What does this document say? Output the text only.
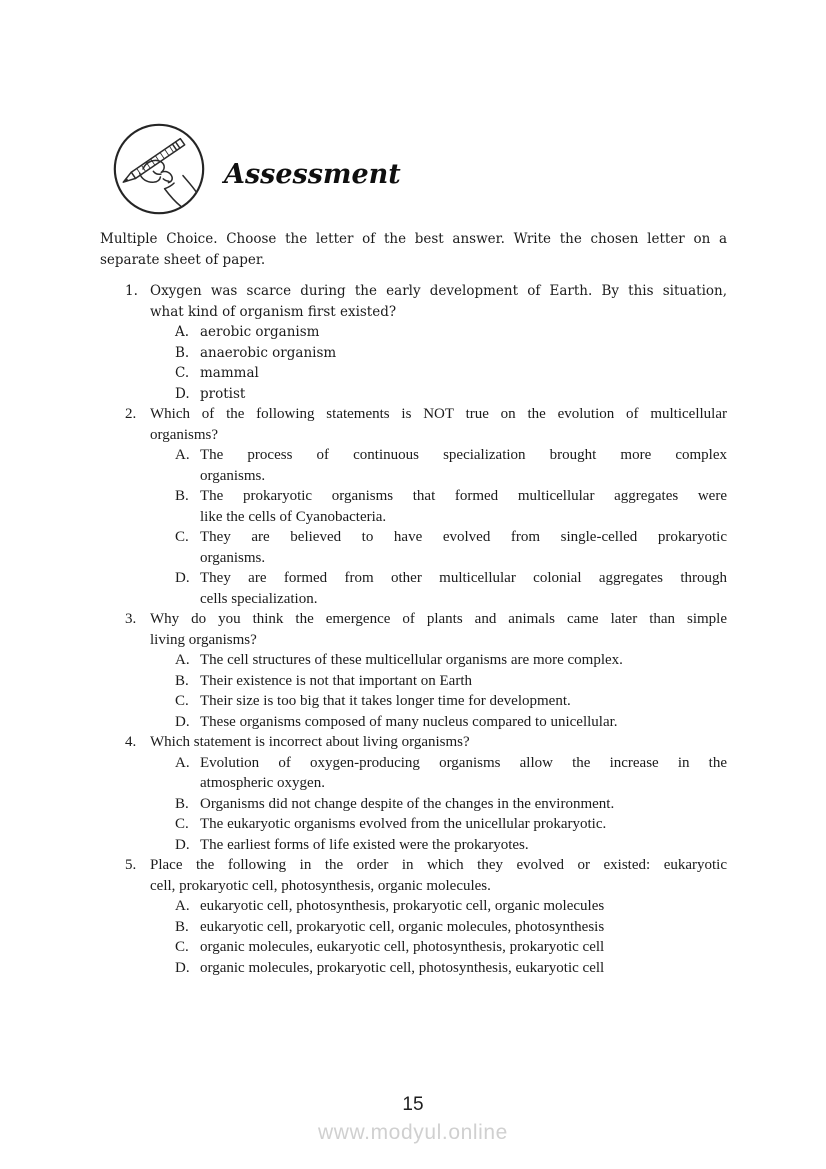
Assessment
Multiple Choice. Choose the letter of the best answer. Write the chosen letter on a
separate sheet of paper.
1. Oxygen was scarce during the early development of Earth. By this situation,
what kind of organism first existed?
A. aerobic organism
B. anaerobic organism
C. mammal
D. protist
2. Which of the following statements is NOT true on the evolution of multicellular
organisms?
A. The process of continuous specialization brought more complex
organisms.
B. The prokaryotic organisms that formed multicellular aggregates were
like the cells of Cyanobacteria.
C. They are believed to have evolved from single-celled prokaryotic
organisms.
D. They are formed from other multicellular colonial aggregates through
cells specialization.
3. Why do you think the emergence of plants and animals came later than simple
living organisms?
A. The cell structures of these multicellular organisms are more complex.
B. Their existence is not that important on Earth
C. Their size is too big that it takes longer time for development.
D. These organisms composed of many nucleus compared to unicellular.
4. Which statement is incorrect about living organisms?
A. Evolution of oxygen-producing organisms allow the increase in the
atmospheric oxygen.
B. Organisms did not change despite of the changes in the environment.
C. The eukaryotic organisms evolved from the unicellular prokaryotic.
D. The earliest forms of life existed were the prokaryotes.
5. Place the following in the order in which they evolved or existed: eukaryotic
cell, prokaryotic cell, photosynthesis, organic molecules.
A. eukaryotic cell, photosynthesis, prokaryotic cell, organic molecules
B. eukaryotic cell, prokaryotic cell, organic molecules, photosynthesis
C. organic molecules, eukaryotic cell, photosynthesis, prokaryotic cell
D. organic molecules, prokaryotic cell, photosynthesis, eukaryotic cell
15
www.modyul.online
